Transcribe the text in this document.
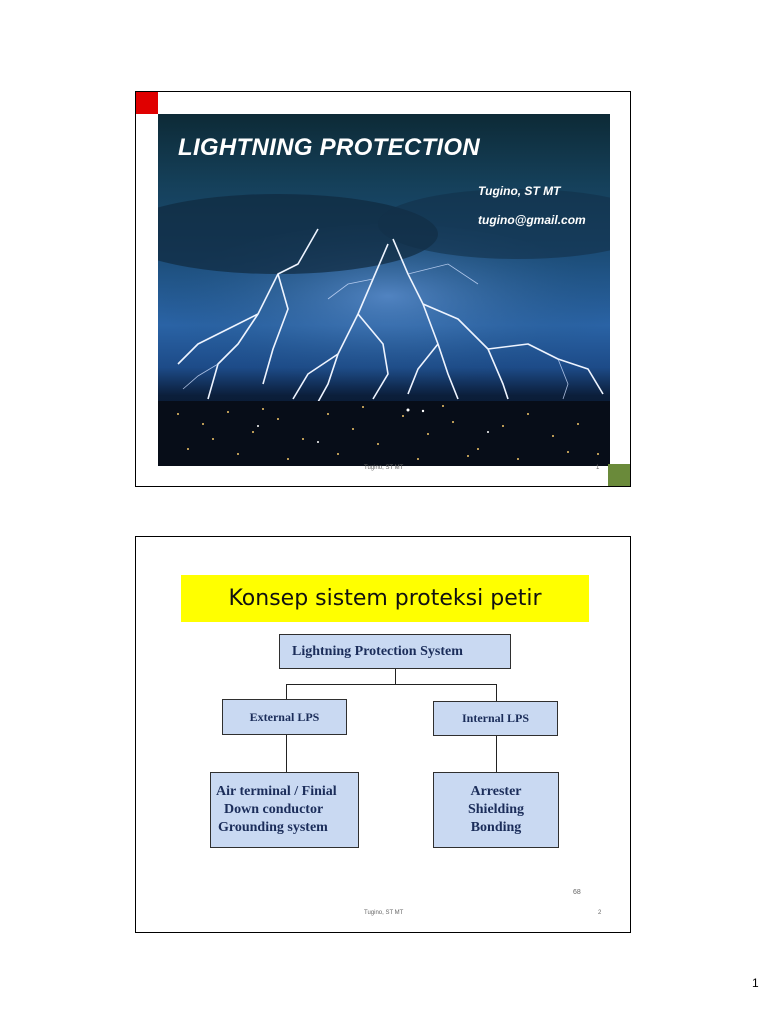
LIGHTNING PROTECTION
Tugino, ST MT
tugino@gmail.com
Tugino, ST MT	1
Konsep sistem proteksi petir
Lightning Protection System
External LPS	Internal LPS
Air terminal / Finial
Down conductor
Grounding system
Arrester
Shielding
Bonding
68
Tugino, ST MT	2
1
